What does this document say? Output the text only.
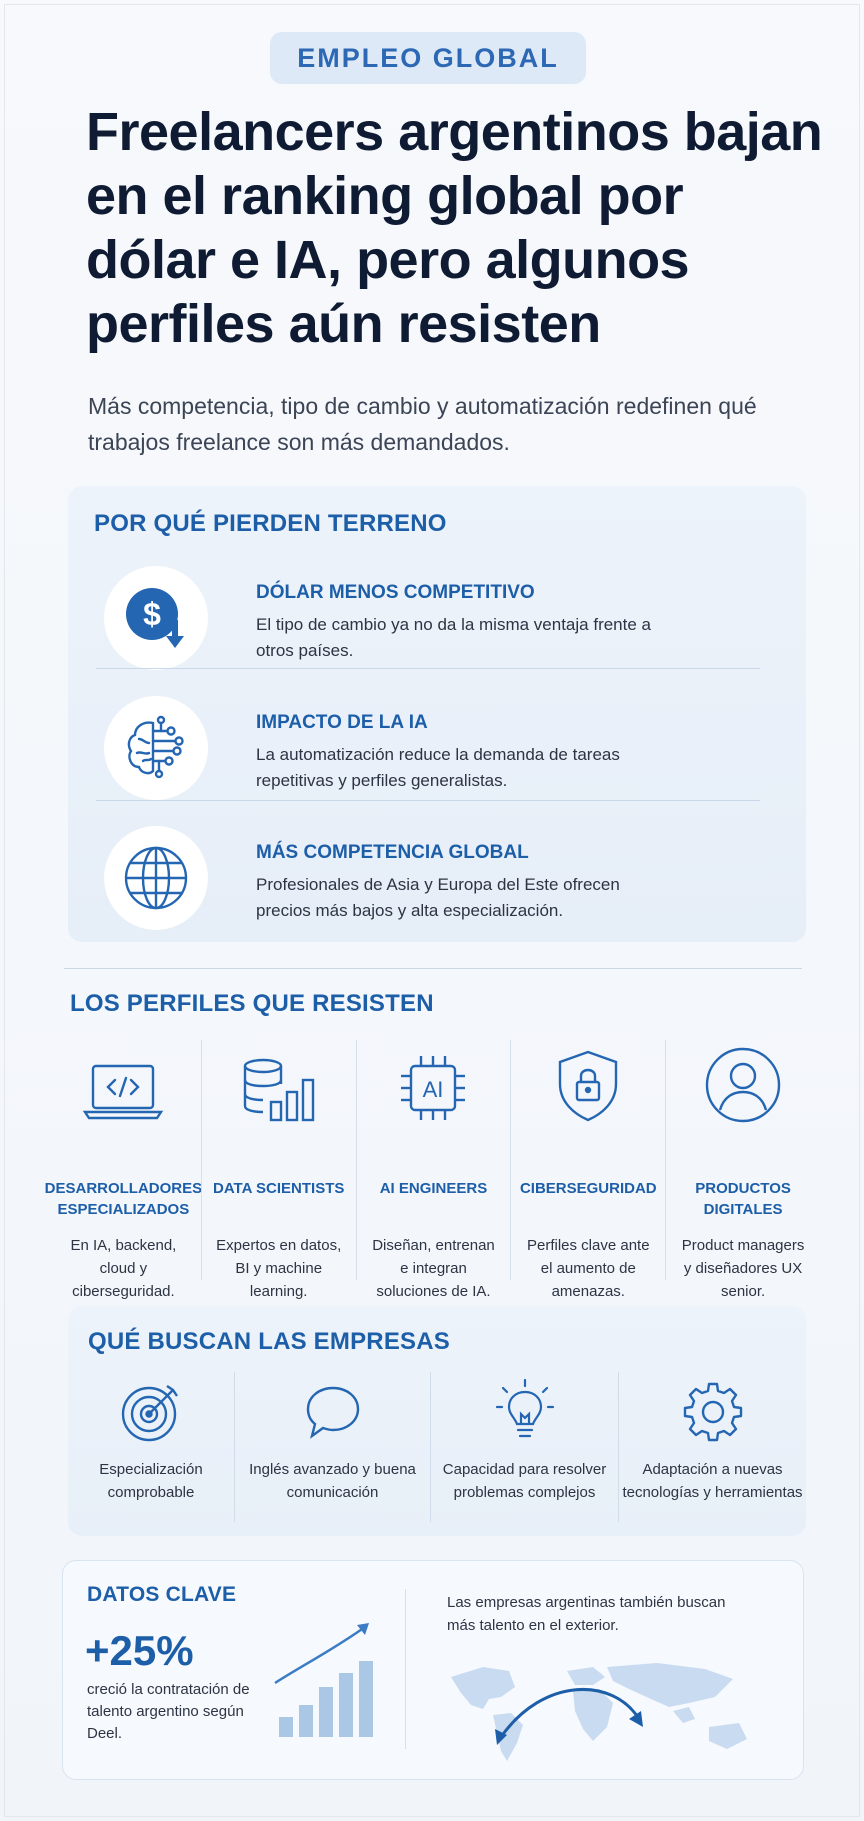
EMPLEO GLOBAL
Freelancers argentinos bajan en el ranking global por dólar e IA, pero algunos perfiles aún resisten

Más competencia, tipo de cambio y automatización redefinen qué trabajos freelance son más demandados.

POR QUÉ PIERDEN TERRENO
$
DÓLAR MENOS COMPETITIVO
El tipo de cambio ya no da la misma ventaja frente a otros países.
IMPACTO DE LA IA
La automatización reduce la demanda de tareas repetitivas y perfiles generalistas.
MÁS COMPETENCIA GLOBAL
Profesionales de Asia y Europa del Este ofrecen precios más bajos y alta especialización.
LOS PERFILES QUE RESISTEN
DESARROLLADORES ESPECIALIZADOS
En IA, backend, cloud y ciberseguridad.
DATA SCIENTISTS
Expertos en datos, BI y machine learning.
AI
AI ENGINEERS
Diseñan, entrenan e integran soluciones de IA.
CIBERSEGURIDAD
Perfiles clave ante el aumento de amenazas.
PRODUCTOS DIGITALES
Product managers y diseñadores UX senior.
QUÉ BUSCAN LAS EMPRESAS
Especialización comprobable
Inglés avanzado y buena comunicación
Capacidad para resolver problemas complejos
Adaptación a nuevas tecnologías y herramientas
DATOS CLAVE
+25%
creció la contratación de talento argentino según Deel.
Las empresas argentinas también buscan más talento en el exterior.
